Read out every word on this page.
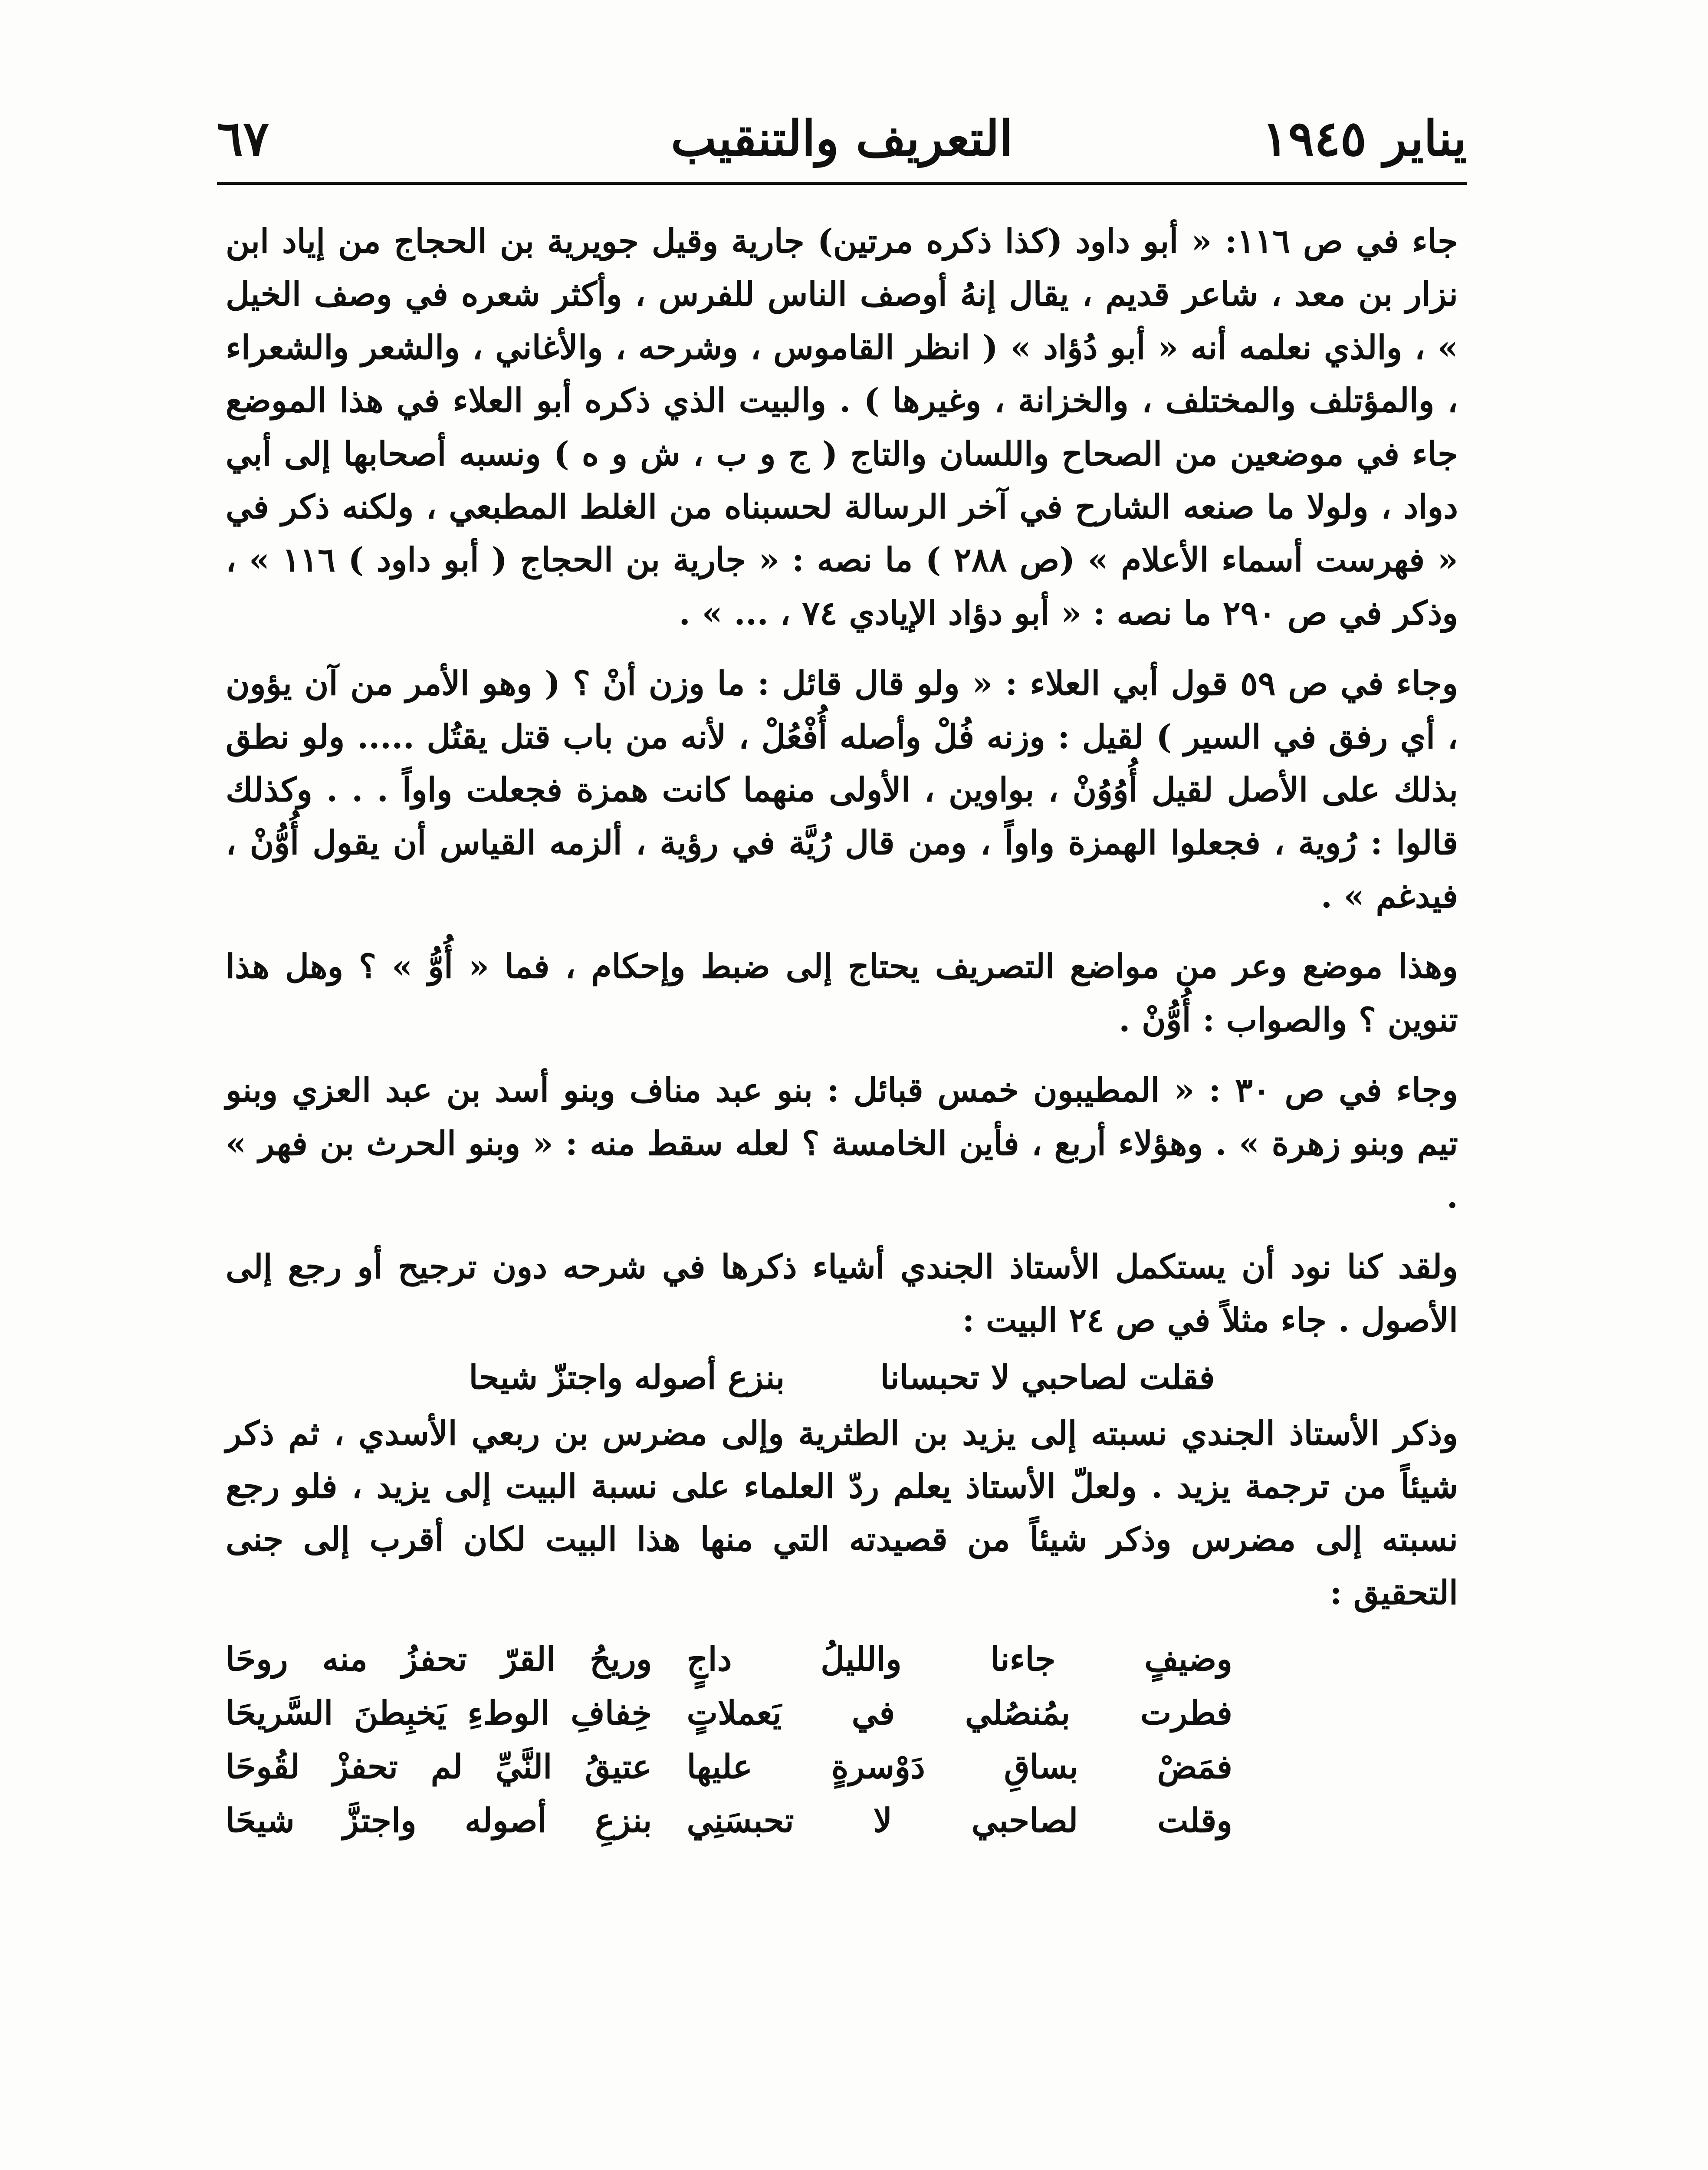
يناير ١٩٤٥
التعريف والتنقيب
٦٧

جاء في ص ١١٦: « أبو داود (كذا ذكره مرتين) جارية وقيل جويرية بن الحجاج من إياد ابن نزار بن معد ، شاعر قديم ، يقال إنهُ أوصف الناس للفرس ، وأكثر شعره في وصف الخيل » ، والذي نعلمه أنه « أبو دُؤاد » ( انظر القاموس ، وشرحه ، والأغاني ، والشعر والشعراء ، والمؤتلف والمختلف ، والخزانة ، وغيرها ) . والبيت الذي ذكره أبو العلاء في هذا الموضع جاء في موضعين من الصحاح واللسان والتاج ( ج و ب ، ش و ه ) ونسبه أصحابها إلى أبي دواد ، ولولا ما صنعه الشارح في آخر الرسالة لحسبناه من الغلط المطبعي ، ولكنه ذكر في « فهرست أسماء الأعلام » (ص ٢٨٨ ) ما نصه : « جارية بن الحجاج ( أبو داود ) ١١٦ » ، وذكر في ص ٢٩٠ ما نصه : « أبو دؤاد الإيادي ٧٤ ، ... » .

وجاء في ص ٥٩ قول أبي العلاء : « ولو قال قائل : ما وزن أنْ ؟ ( وهو الأمر من آن يؤون ، أي رفق في السير ) لقيل : وزنه فُلْ وأصله أُفْعُلْ ، لأنه من باب قتل يقتُل ..... ولو نطق بذلك على الأصل لقيل أُوُوُنْ ، بواوين ، الأولى منهما كانت همزة فجعلت واواً . . . وكذلك قالوا : رُوية ، فجعلوا الهمزة واواً ، ومن قال رُيَّة في رؤية ، ألزمه القياس أن يقول أُوُّنْ ، فيدغم » .

وهذا موضع وعر من مواضع التصريف يحتاج إلى ضبط وإحكام ، فما « أُوُّ » ؟ وهل هذا تنوين ؟ والصواب : أُوُّنْ .

وجاء في ص ٣٠ : « المطيبون خمس قبائل : بنو عبد مناف وبنو أسد بن عبد العزي وبنو تيم وبنو زهرة » . وهؤلاء أربع ، فأين الخامسة ؟ لعله سقط منه : « وبنو الحرث بن فهر » .

ولقد كنا نود أن يستكمل الأستاذ الجندي أشياء ذكرها في شرحه دون ترجيح أو رجع إلى الأصول . جاء مثلاً في ص ٢٤ البيت :

فقلت لصاحبي لا تحبسانا
بنزع أصوله واجتزّ شيحا

وذكر الأستاذ الجندي نسبته إلى يزيد بن الطثرية وإلى مضرس بن ربعي الأسدي ، ثم ذكر شيئاً من ترجمة يزيد . ولعلّ الأستاذ يعلم ردّ العلماء على نسبة البيت إلى يزيد ، فلو رجع نسبته إلى مضرس وذكر شيئاً من قصيدته التي منها هذا البيت لكان أقرب إلى جنى التحقيق :

وضيفٍ جاءنا والليلُ داجٍ
وريحُ القرّ تحفزُ منه روحَا
فطرت بمُنصُلي في يَعملاتٍ
خِفافِ الوطءِ يَخبِطنَ السَّريحَا
فمَضْ بساقِ دَوْسرةٍ عليها
عتيقُ النَّيِّ لم تحفزْ لقُوحَا
وقلت لصاحبي لا تحبسَنِي
بنزعِ أصوله واجتزَّ شيحَا
